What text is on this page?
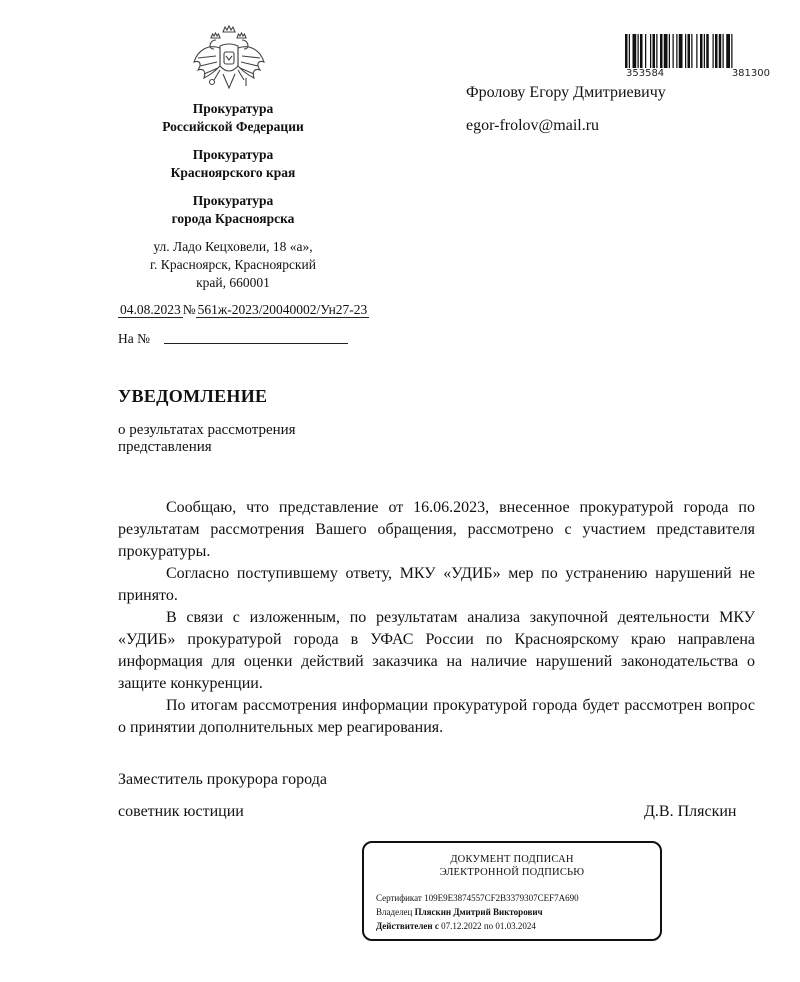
Прокуратура
Российской Федерации
Прокуратура
Красноярского края
Прокуратура
города Красноярска
ул. Ладо Кецховели, 18 «а»,
г. Красноярск, Красноярский
край, 660001
04.08.2023 № 561ж-2023/20040002/Ун27-23
На №
353584	381300
Фролову Егору Дмитриевичу
egor-frolov@mail.ru
УВЕДОМЛЕНИЕ
о результатах рассмотрения представления

Сообщаю, что представление от 16.06.2023, внесенное прокуратурой города по результатам рассмотрения Вашего обращения, рассмотрено с участием представителя прокуратуры.

Согласно поступившему ответу, МКУ «УДИБ» мер по устранению нарушений не принято.

В связи с изложенным, по результатам анализа закупочной деятельности МКУ «УДИБ» прокуратурой города в УФАС России по Красноярскому краю направлена информация для оценки действий заказчика на наличие нарушений законодательства о защите конкуренции.

По итогам рассмотрения информации прокуратурой города будет рассмотрен вопрос о принятии дополнительных мер реагирования.

Заместитель прокурора города
советник юстиции	Д.В. Пляскин
ДОКУМЕНТ ПОДПИСАН
ЭЛЕКТРОННОЙ ПОДПИСЬЮ
Сертификат 109E9E3874557CF2B3379307CEF7A690
Владелец Пляскин Дмитрий Викторович
Действителен с 07.12.2022 по 01.03.2024
